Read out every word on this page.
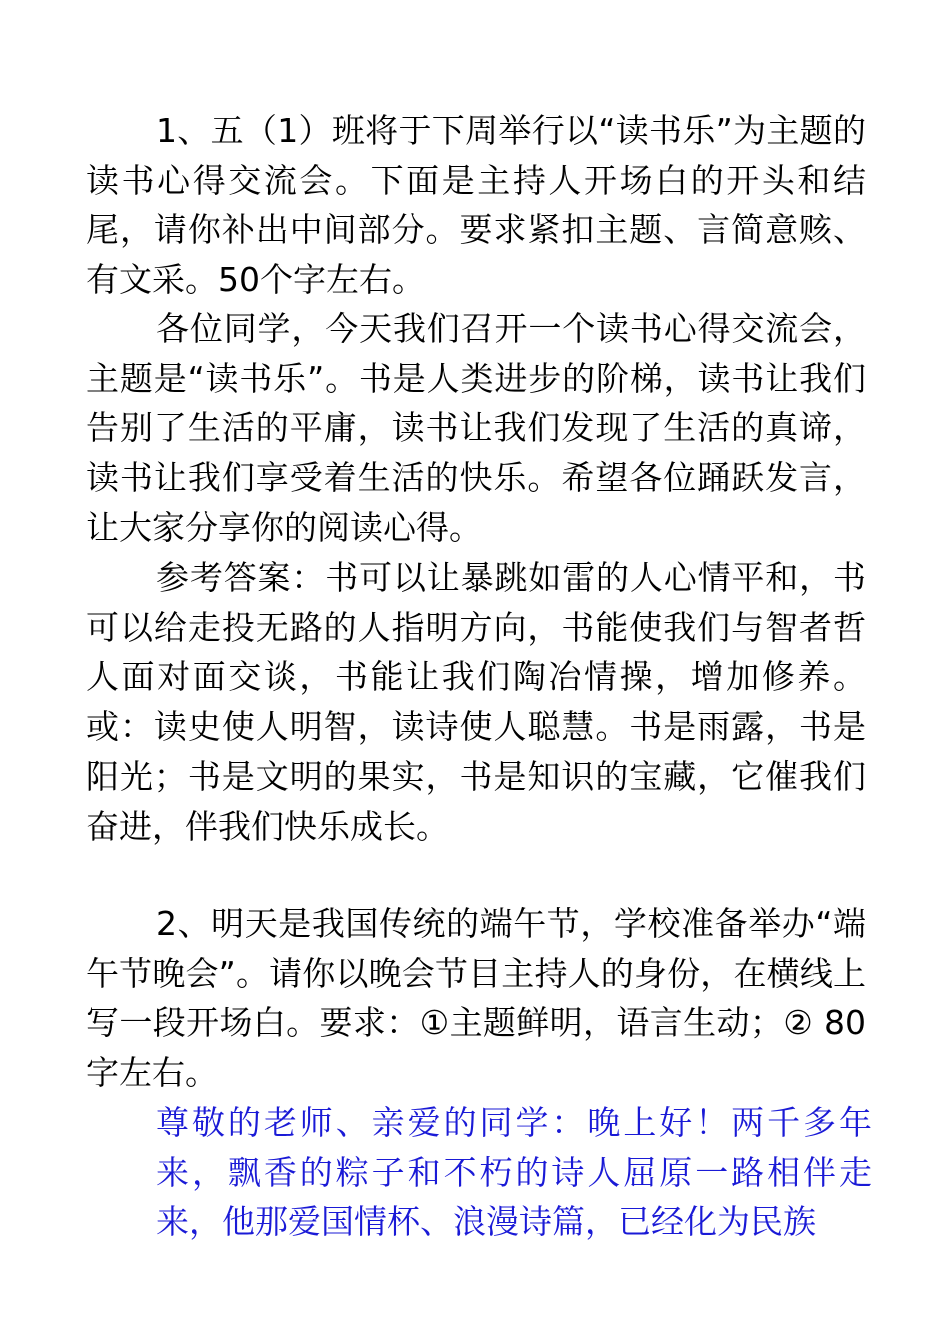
1、五（1）班将于下周举行以“读书乐”为主题的读书心得交流会。下面是主持人开场白的开头和结尾，请你补出中间部分。要求紧扣主题、言简意赅、有文采。50个字左右。

各位同学，今天我们召开一个读书心得交流会，主题是“读书乐”。书是人类进步的阶梯，读书让我们告别了生活的平庸，读书让我们发现了生活的真谛，读书让我们享受着生活的快乐。希望各位踊跃发言，让大家分享你的阅读心得。

参考答案：书可以让暴跳如雷的人心情平和，书可以给走投无路的人指明方向，书能使我们与智者哲人面对面交谈，书能让我们陶冶情操，增加修养。或：读史使人明智，读诗使人聪慧。书是雨露，书是阳光；书是文明的果实，书是知识的宝藏，它催我们奋进，伴我们快乐成长。

2、明天是我国传统的端午节，学校准备举办“端午节晚会”。请你以晚会节目主持人的身份，在横线上写一段开场白。要求：①主题鲜明，语言生动；② 80 字左右。

尊敬的老师、亲爱的同学：晚上好！两千多年来，飘香的粽子和不朽的诗人屈原一路相伴走来，他那爱国情杯、浪漫诗篇，已经化为民族
